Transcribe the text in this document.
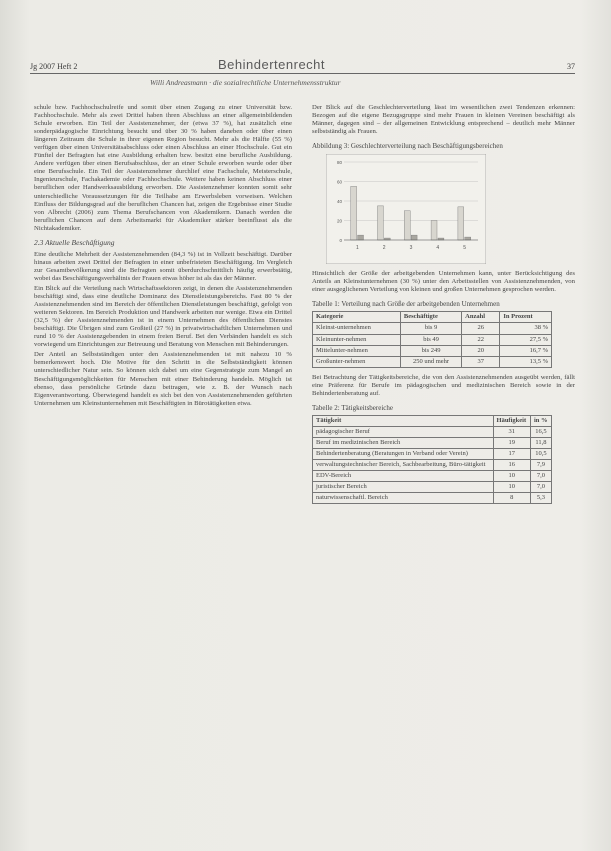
Jg 2007 Heft 2	Behindertenrecht	37
Willi Andreasmann · die sozialrechtliche Unternehmensstruktur

schule bzw. Fachhochschulreife und somit über einen Zugang zu einer Universität bzw. Fachhochschule. Mehr als zwei Drittel haben ihren Abschluss an einer allgemeinbildenden Schule erworben. Ein Teil der Assistenznehmer, der (etwa 37 %), hat zusätzlich eine sonderpädagogische Einrichtung besucht und über 30 % haben daneben oder über einen längeren Zeitraum die Schule in ihrer eigenen Region besucht. Mehr als die Hälfte (55 %) verfügen über einen Universitätsabschluss oder einen Abschluss an einer Hochschule. Gut ein Fünftel der Befragten hat eine Ausbildung erhalten bzw. besitzt eine berufliche Ausbildung. Andere verfügen über einen Berufsabschluss, der an einer Schule erworben wurde oder über eine Berufsschule. Ein Teil der Assistenznehmer durchlief eine Fachschule, Meisterschule, Ingenieurschule, Fachakademie oder Fachhochschule. Weitere haben keinen Abschluss einer beruflichen oder Handwerksausbildung erworben. Die Assistenznehmer konnten somit sehr unterschiedliche Voraussetzungen für die Teilhabe am Erwerbsleben vorweisen. Welchen Einfluss der Bildungsgrad auf die beruflichen Chancen hat, zeigen die Ergebnisse einer Studie von Albrecht (2006) zum Thema Berufschancen von Akademikern. Danach werden die beruflichen Chancen auf dem Arbeitsmarkt für Akademiker stärker beeinflusst als die Nichtakademiker.

2.3 Aktuelle Beschäftigung

Eine deutliche Mehrheit der Assistenznehmenden (84,3 %) ist in Vollzeit beschäftigt. Darüber hinaus arbeiten zwei Drittel der Befragten in einer unbefristeten Beschäftigung. Im Vergleich zur Gesamtbevölkerung sind die Befragten somit überdurchschnittlich häufig erwerbstätig, wobei das Beschäftigungsverhältnis der Frauen etwas höher ist als das der Männer.

Ein Blick auf die Verteilung nach Wirtschaftssektoren zeigt, in denen die Assistenznehmenden beschäftigt sind, dass eine deutliche Dominanz des Dienstleistungsbereichs. Fast 80 % der Assistenznehmenden sind im Bereich der öffentlichen Dienstleistungen beschäftigt, gefolgt von weiteren Sektoren. Im Bereich Produktion und Handwerk arbeiten nur wenige. Etwa ein Drittel (32,5 %) der Assistenznehmenden ist in einem Unternehmen des öffentlichen Dienstes beschäftigt. Die Übrigen sind zum Großteil (27 %) in privatwirtschaftlichen Unternehmen und rund 10 % der Assistenzgebenden in einem freien Beruf. Bei den Verbänden handelt es sich vorwiegend um Einrichtungen zur Betreuung und Beratung von Menschen mit Behinderungen.

Der Anteil an Selbstständigen unter den Assistenznehmenden ist mit nahezu 10 % bemerkenswert hoch. Die Motive für den Schritt in die Selbstständigkeit können unterschiedlicher Natur sein. So können sich dabei um eine Gegenstrategie zum Mangel an Beschäftigungsmöglichkeiten für Menschen mit einer Behinderung handeln. Möglich ist ebenso, dass persönliche Gründe dazu beitragen, wie z. B. der Wunsch nach Eigenverantwortung. Überwiegend handelt es sich bei den von Assistenznehmenden geführten Unternehmen um Kleinstunternehmen mit Beschäftigten in Bürotätigkeiten etwa.

Der Blick auf die Geschlechterverteilung lässt im wesentlichen zwei Tendenzen erkennen: Bezogen auf die eigene Bezugsgruppe sind mehr Frauen in kleinen Vereinen beschäftigt als Männer, dagegen sind – der allgemeinen Entwicklung entsprechend – deutlich mehr Männer selbstständig als Frauen.

Abbildung 3: Geschlechterverteilung nach Beschäftigungsbereichen
1	2	3	4	5
0
20
40
60
80

Hinsichtlich der Größe der arbeitgebenden Unternehmen kann, unter Berücksichtigung des Anteils an Kleinstunternehmen (30 %) unter den Arbeitsstellen von Assistenznehmenden, von einer ausgeglichenen Verteilung von kleinen und großen Unternehmen gesprochen werden.

Tabelle 1: Verteilung nach Größe der arbeitgebenden Unternehmen
Kategorie	Beschäftigte	Anzahl	In Prozent
Kleinst-unternehmen	bis 9	26	38 %
Kleinunter-nehmen	bis 49	22	27,5 %
Mittelunter-nehmen	bis 249	20	16,7 %
Großunter-nehmen	250 und mehr	37	13,5 %

Bei Betrachtung der Tätigkeitsbereiche, die von den Assistenznehmenden ausgeübt werden, fällt eine Präferenz für Berufe im pädagogischen und medizinischen Bereich sowie in der Behindertenberatung auf.

Tabelle 2: Tätigkeitsbereiche
Tätigkeit	Häufigkeit	in %
pädagogischer Beruf	31	16,5
Beruf im medizinischen Bereich	19	11,8
Behindertenberatung (Beratungen in Verband oder Verein)	17	10,5
verwaltungstechnischer Bereich, Sachbearbeitung, Büro-tätigkeit	16	7,9
EDV-Bereich	10	7,0
juristischer Bereich	10	7,0
naturwissenschaftl. Bereich	8	5,3
